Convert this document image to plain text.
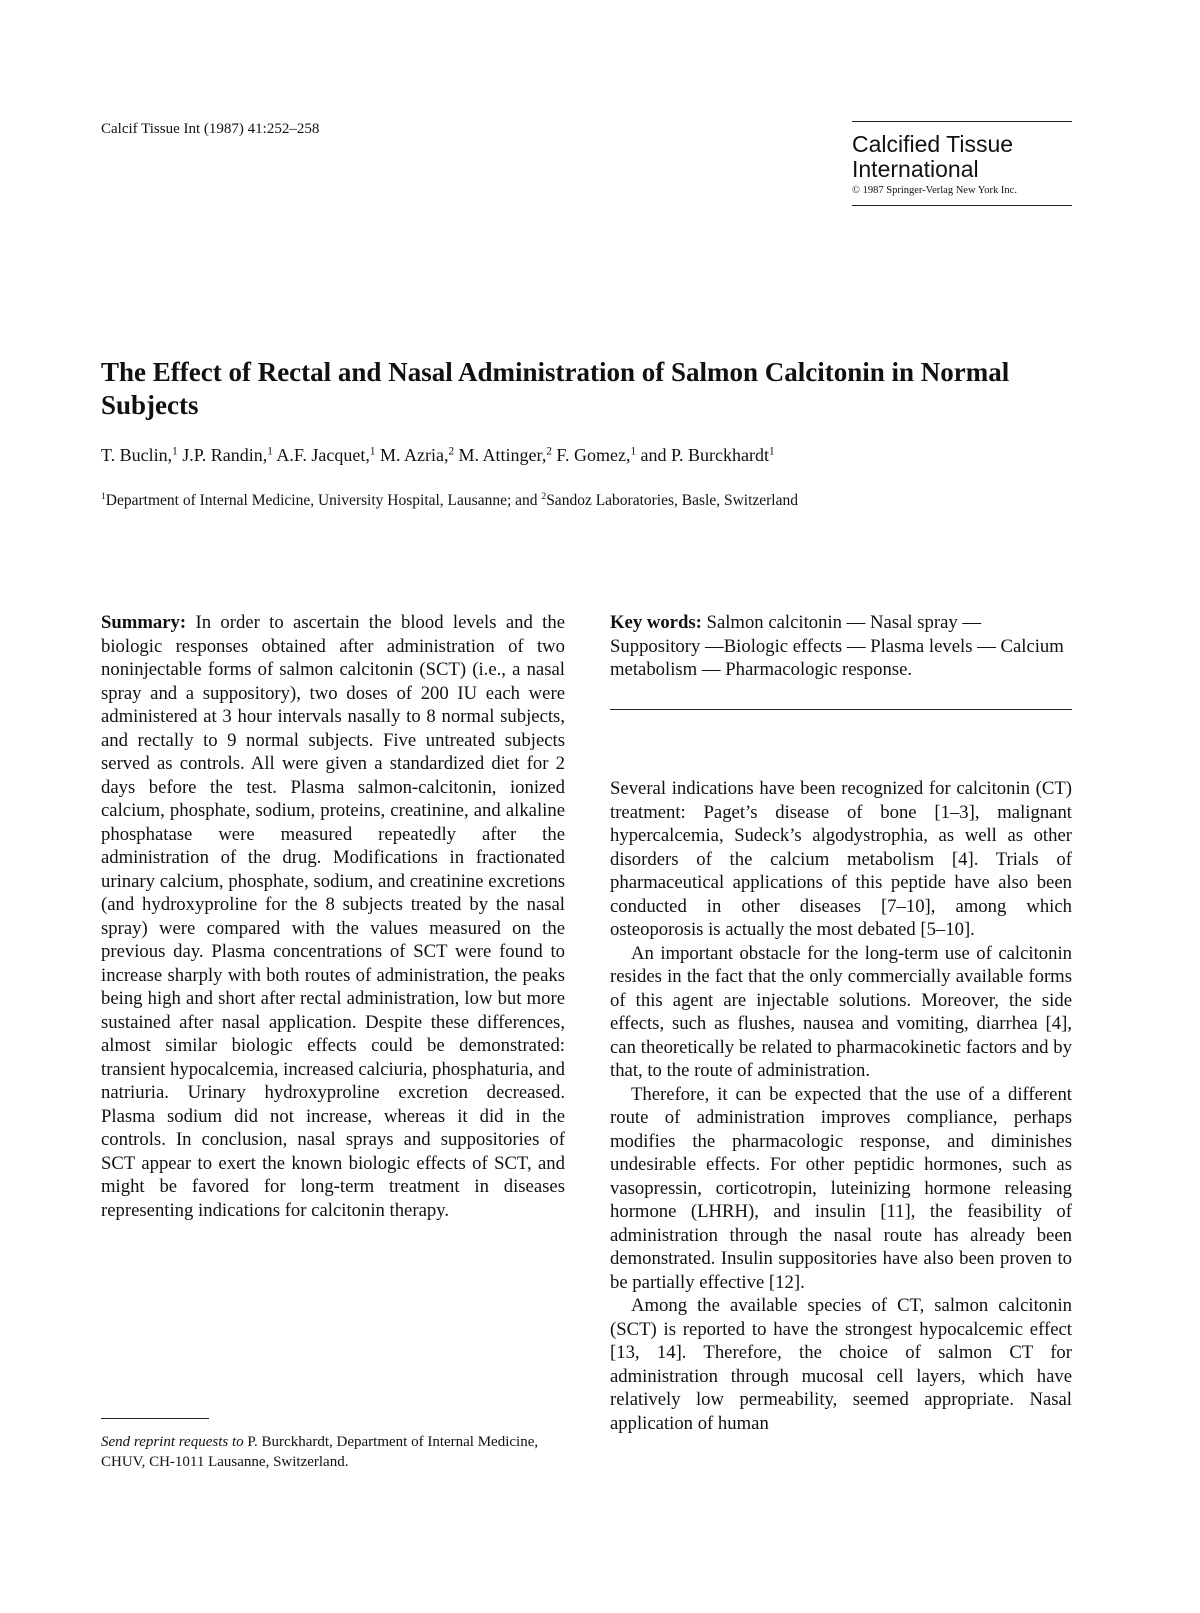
Calcif Tissue Int (1987) 41:252–258
Calcified Tissue
International
© 1987 Springer-Verlag New York Inc.
The Effect of Rectal and Nasal Administration of Salmon Calcitonin in Normal Subjects
T. Buclin,$^1$ J.P. Randin,$^1$ A.F. Jacquet,$^1$ M. Azria,$^2$ M. Attinger,$^2$ F. Gomez,$^1$ and P. Burckhardt$^1$
$^1$Department of Internal Medicine, University Hospital, Lausanne; and $^2$Sandoz Laboratories, Basle, Switzerland
Summary: In order to ascertain the blood levels and the biologic responses obtained after administration of two noninjectable forms of salmon calcitonin (SCT) (i.e., a nasal spray and a suppository), two doses of 200 IU each were administered at 3 hour intervals nasally to 8 normal subjects, and rectally to 9 normal subjects. Five untreated subjects served as controls. All were given a standardized diet for 2 days before the test. Plasma salmon-calcitonin, ionized calcium, phosphate, sodium, proteins, creatinine, and alkaline phosphatase were measured repeatedly after the administration of the drug. Modifications in fractionated urinary calcium, phosphate, sodium, and creatinine excretions (and hydroxyproline for the 8 subjects treated by the nasal spray) were compared with the values measured on the previous day. Plasma concentrations of SCT were found to increase sharply with both routes of administration, the peaks being high and short after rectal administration, low but more sustained after nasal application. Despite these differences, almost similar biologic effects could be demonstrated: transient hypocalcemia, increased calciuria, phosphaturia, and natriuria. Urinary hydroxyproline excretion decreased. Plasma sodium did not increase, whereas it did in the controls. In conclusion, nasal sprays and suppositories of SCT appear to exert the known biologic effects of SCT, and might be favored for long-term treatment in diseases representing indications for calcitonin therapy.
Key words: Salmon calcitonin — Nasal spray — Suppository —Biologic effects — Plasma levels — Calcium metabolism — Pharmacologic response.

Several indications have been recognized for calcitonin (CT) treatment: Paget’s disease of bone [1–3], malignant hypercalcemia, Sudeck’s algodystrophia, as well as other disorders of the calcium metabolism [4]. Trials of pharmaceutical applications of this peptide have also been conducted in other diseases [7–10], among which osteoporosis is actually the most debated [5–10].

An important obstacle for the long-term use of calcitonin resides in the fact that the only commercially available forms of this agent are injectable solutions. Moreover, the side effects, such as flushes, nausea and vomiting, diarrhea [4], can theoretically be related to pharmacokinetic factors and by that, to the route of administration.

Therefore, it can be expected that the use of a different route of administration improves compliance, perhaps modifies the pharmacologic response, and diminishes undesirable effects. For other peptidic hormones, such as vasopressin, corticotropin, luteinizing hormone releasing hormone (LHRH), and insulin [11], the feasibility of administration through the nasal route has already been demonstrated. Insulin suppositories have also been proven to be partially effective [12].

Among the available species of CT, salmon calcitonin (SCT) is reported to have the strongest hypocalcemic effect [13, 14]. Therefore, the choice of salmon CT for administration through mucosal cell layers, which have relatively low permeability, seemed appropriate. Nasal application of human

Send reprint requests to P. Burckhardt, Department of Internal Medicine, CHUV, CH-1011 Lausanne, Switzerland.
